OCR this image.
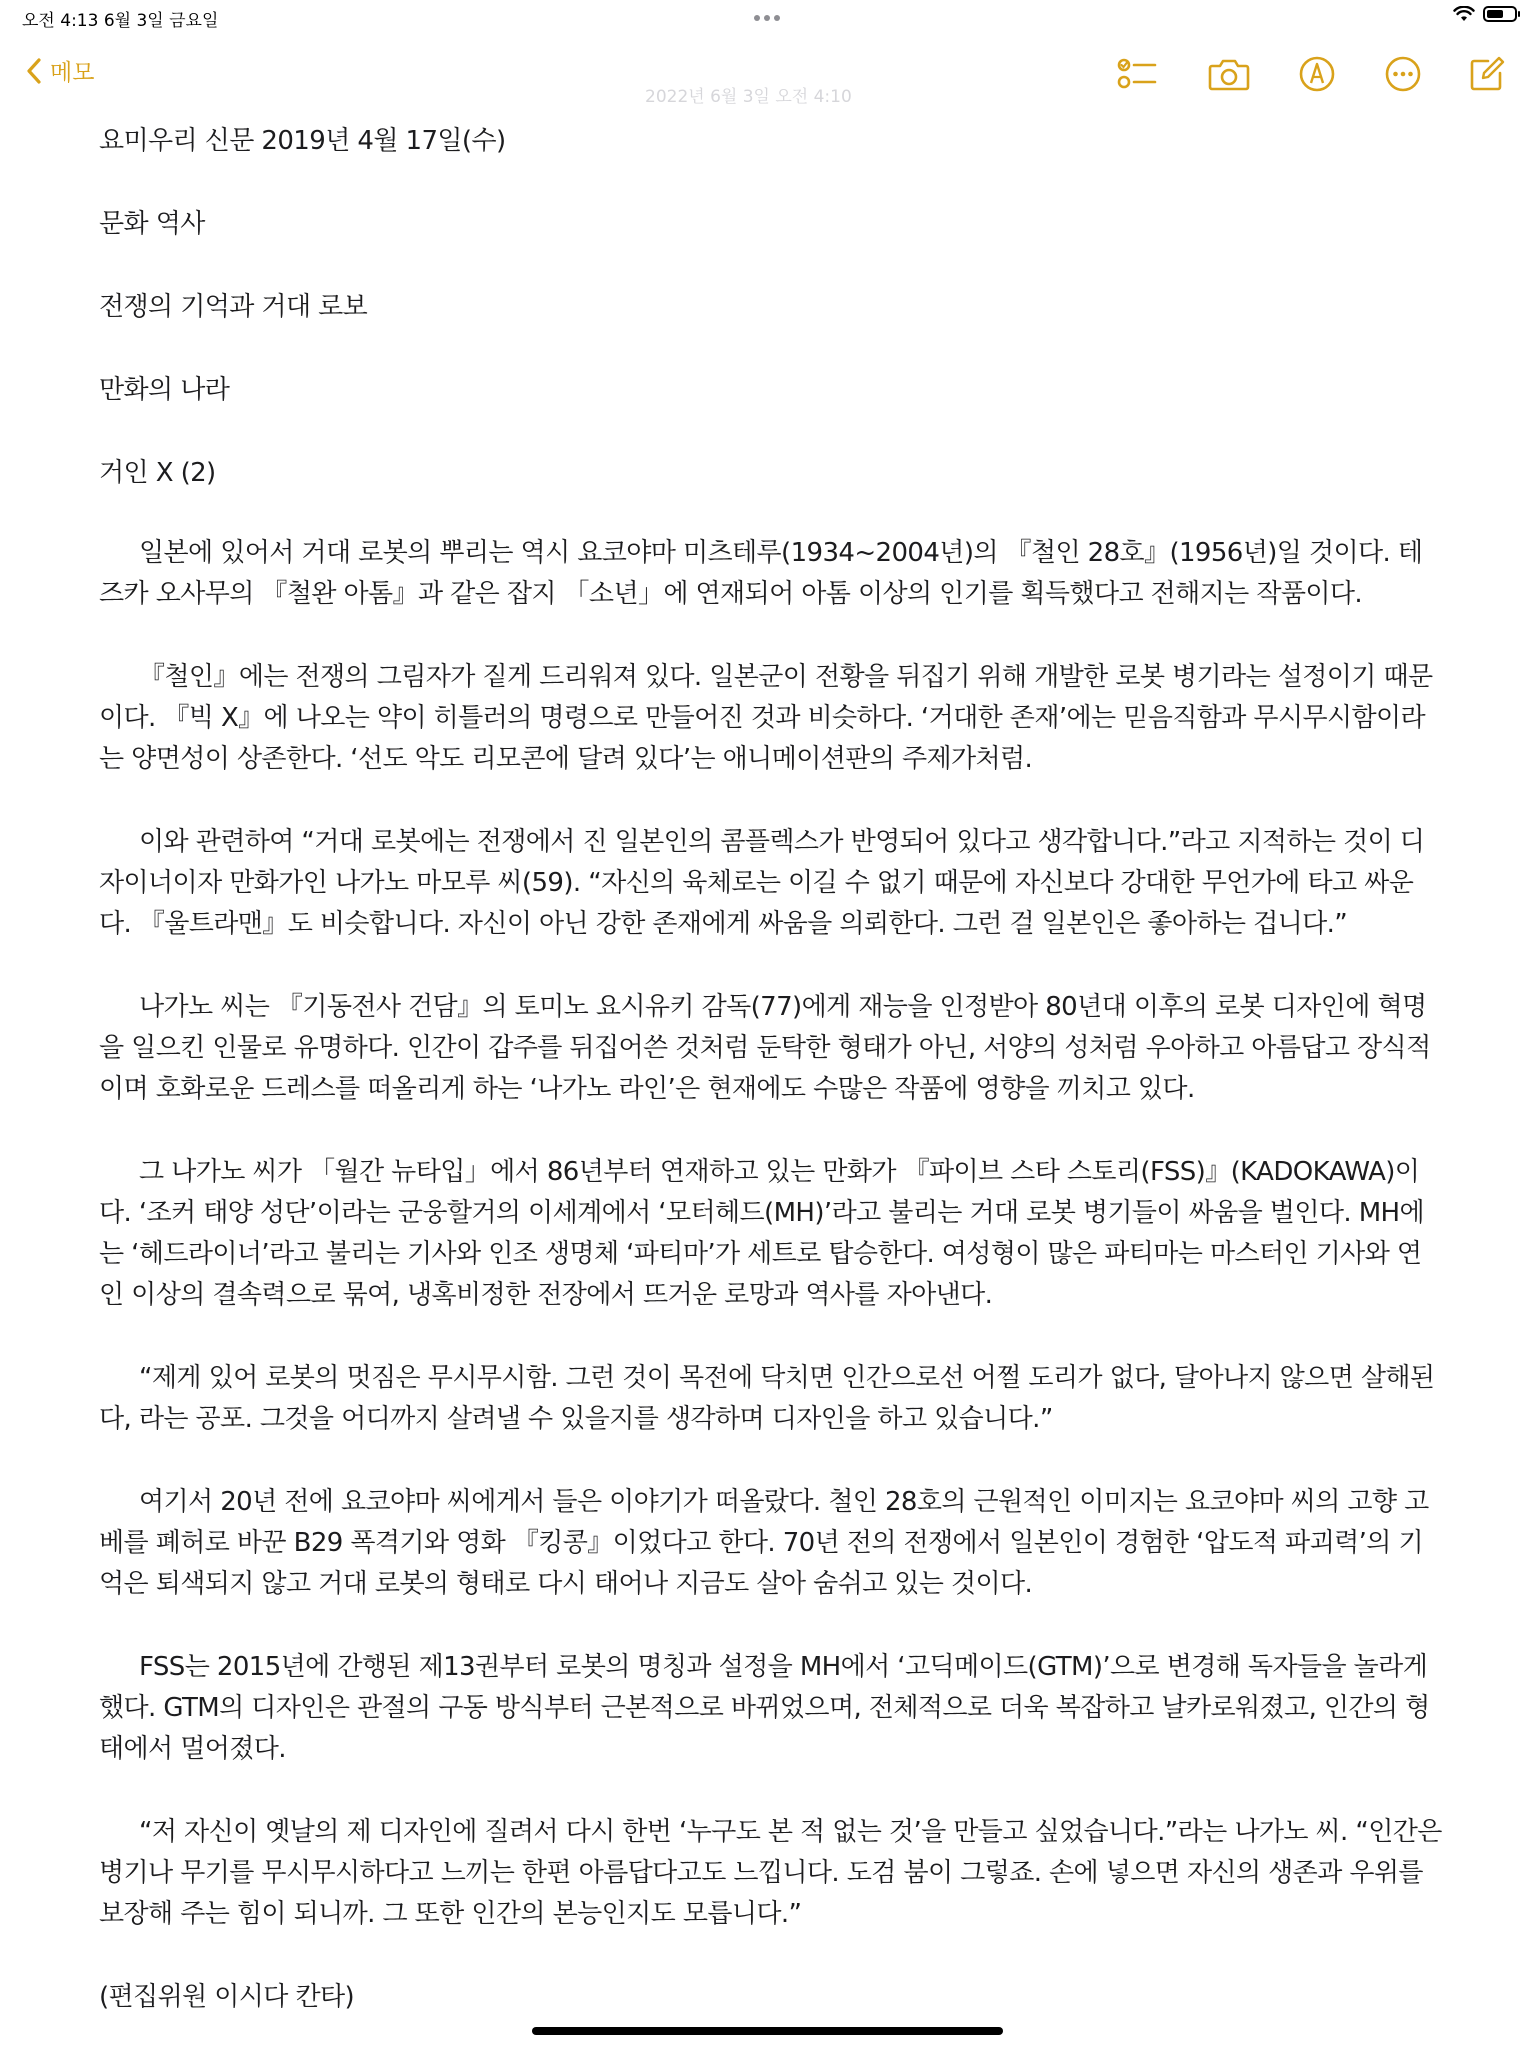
오전 4:13 6월 3일 금요일
메모
2022년 6월 3일 오전 4:10
요미우리 신문 2019년 4월 17일(수)
문화 역사
전쟁의 기억과 거대 로보
만화의 나라
거인 X (2)
일본에 있어서 거대 로봇의 뿌리는 역시 요코야마 미츠테루(1934~2004년)의 『철인 28호』(1956년)일 것이다. 테즈카 오사무의 『철완 아톰』과 같은 잡지 「소년」에 연재되어 아톰 이상의 인기를 획득했다고 전해지는 작품이다.
『철인』에는 전쟁의 그림자가 짙게 드리워져 있다. 일본군이 전황을 뒤집기 위해 개발한 로봇 병기라는 설정이기 때문이다. 『빅 X』에 나오는 약이 히틀러의 명령으로 만들어진 것과 비슷하다. ‘거대한 존재’에는 믿음직함과 무시무시함이라는 양면성이 상존한다. ‘선도 악도 리모콘에 달려 있다’는 애니메이션판의 주제가처럼.
이와 관련하여 “거대 로봇에는 전쟁에서 진 일본인의 콤플렉스가 반영되어 있다고 생각합니다.”라고 지적하는 것이 디자이너이자 만화가인 나가노 마모루 씨(59). “자신의 육체로는 이길 수 없기 때문에 자신보다 강대한 무언가에 타고 싸운다. 『울트라맨』도 비슷합니다. 자신이 아닌 강한 존재에게 싸움을 의뢰한다. 그런 걸 일본인은 좋아하는 겁니다.”
나가노 씨는 『기동전사 건담』의 토미노 요시유키 감독(77)에게 재능을 인정받아 80년대 이후의 로봇 디자인에 혁명을 일으킨 인물로 유명하다. 인간이 갑주를 뒤집어쓴 것처럼 둔탁한 형태가 아닌, 서양의 성처럼 우아하고 아름답고 장식적이며 호화로운 드레스를 떠올리게 하는 ‘나가노 라인’은 현재에도 수많은 작품에 영향을 끼치고 있다.
그 나가노 씨가 「월간 뉴타입」에서 86년부터 연재하고 있는 만화가 『파이브 스타 스토리(FSS)』(KADOKAWA)이다. ‘조커 태양 성단’이라는 군웅할거의 이세계에서 ‘모터헤드(MH)’라고 불리는 거대 로봇 병기들이 싸움을 벌인다. MH에는 ‘헤드라이너’라고 불리는 기사와 인조 생명체 ‘파티마’가 세트로 탑승한다. 여성형이 많은 파티마는 마스터인 기사와 연인 이상의 결속력으로 묶여, 냉혹비정한 전장에서 뜨거운 로망과 역사를 자아낸다.
“제게 있어 로봇의 멋짐은 무시무시함. 그런 것이 목전에 닥치면 인간으로선 어쩔 도리가 없다, 달아나지 않으면 살해된다, 라는 공포. 그것을 어디까지 살려낼 수 있을지를 생각하며 디자인을 하고 있습니다.”
여기서 20년 전에 요코야마 씨에게서 들은 이야기가 떠올랐다. 철인 28호의 근원적인 이미지는 요코야마 씨의 고향 고베를 폐허로 바꾼 B29 폭격기와 영화 『킹콩』이었다고 한다. 70년 전의 전쟁에서 일본인이 경험한 ‘압도적 파괴력’의 기억은 퇴색되지 않고 거대 로봇의 형태로 다시 태어나 지금도 살아 숨쉬고 있는 것이다.
FSS는 2015년에 간행된 제13권부터 로봇의 명칭과 설정을 MH에서 ‘고딕메이드(GTM)’으로 변경해 독자들을 놀라게 했다. GTM의 디자인은 관절의 구동 방식부터 근본적으로 바뀌었으며, 전체적으로 더욱 복잡하고 날카로워졌고, 인간의 형태에서 멀어졌다.
“저 자신이 옛날의 제 디자인에 질려서 다시 한번 ‘누구도 본 적 없는 것’을 만들고 싶었습니다.”라는 나가노 씨. “인간은 병기나 무기를 무시무시하다고 느끼는 한편 아름답다고도 느낍니다. 도검 붐이 그렇죠. 손에 넣으면 자신의 생존과 우위를 보장해 주는 힘이 되니까. 그 또한 인간의 본능인지도 모릅니다.”
(편집위원 이시다 칸타)
